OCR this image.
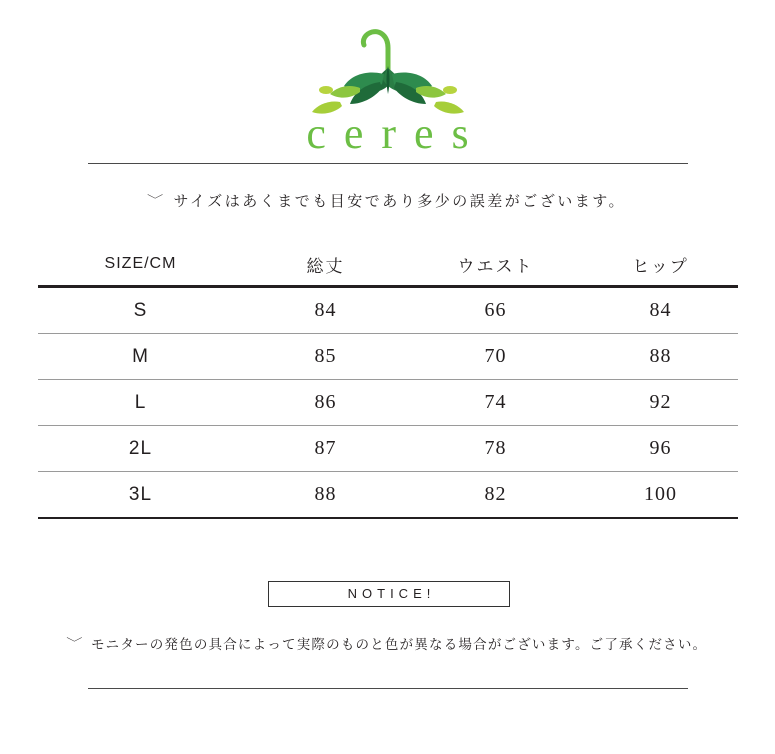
ceres
﹀ サイズはあくまでも目安であり多少の誤差がございます。
SIZE/CM	総丈	ウエスト	ヒップ
S	84	66	84
M	85	70	88
L	86	74	92
2L	87	78	96
3L	88	82	100
NOTICE!
﹀ モニターの発色の具合によって実際のものと色が異なる場合がございます。ご了承ください。
